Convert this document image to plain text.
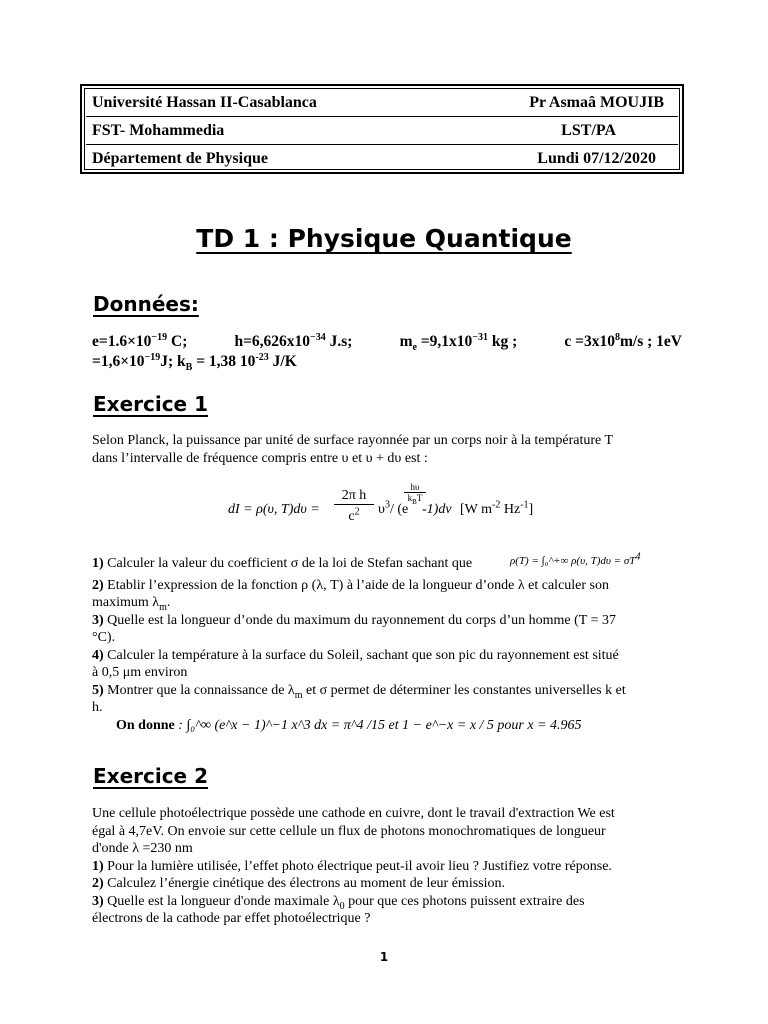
Université Hassan II-Casablanca	Pr Asmaâ MOUJIB
FST- Mohammedia	LST/PA
Département de Physique	Lundi 07/12/2020
TD 1 : Physique Quantique
Données:
$e=1.6\times 10^{-19}$ C;	$h=6,626x10^{-34}$ J.s;	$m_e =9,1x10^{-31}$ kg ;	$c =3x10^8m/s$ ; 1eV
$=1,6\times 10^{-19}J$; $k_B = 1,38$ $10^{-23}$ J/K
Exercice 1
Selon Planck, la puissance par unité de surface rayonnée par un corps noir à la température T
dans l’intervalle de fréquence compris entre υ et υ + dυ est :
dI = ρ(υ, T)dυ =
2π h
$c^2$	$\upsilon^3/$ (e
hυ
$k_BT$
-1)dv [W $m^{-2}$ $Hz^{-1}$]
1) Calculer la valeur du coefficient σ de la loi de Stefan sachant que	ρ(T) = ∫₀^+∞ ρ(υ, $T)d\upsilon = \sigma T^4$
2) Etablir l’expression de la fonction ρ (λ, T) à l’aide de la longueur d’onde λ et calculer son
maximum $\lambda_m$.
3) Quelle est la longueur d’onde du maximum du rayonnement du corps d’un homme (T = 37
°C).
4) Calculer la température à la surface du Soleil, sachant que son pic du rayonnement est situé
à 0,5 μm environ
5) Montrer que la connaissance de $\lambda_m$ et σ permet de déterminer les constantes universelles k et
h.
On donne : ∫₀^∞ (e^x − 1)^−1 x^3 dx = π^4 /15 et 1 − e^−x = x / 5 pour x = 4.965
Exercice 2
Une cellule photoélectrique possède une cathode en cuivre, dont le travail d'extraction We est
égal à 4,7eV. On envoie sur cette cellule un flux de photons monochromatiques de longueur
d'onde λ =230 nm
1) Pour la lumière utilisée, l’effet photo électrique peut-il avoir lieu ? Justifiez votre réponse.
2) Calculez l’énergie cinétique des électrons au moment de leur émission.
3) Quelle est la longueur d'onde maximale $\lambda_0$ pour que ces photons puissent extraire des
électrons de la cathode par effet photoélectrique ?
1
